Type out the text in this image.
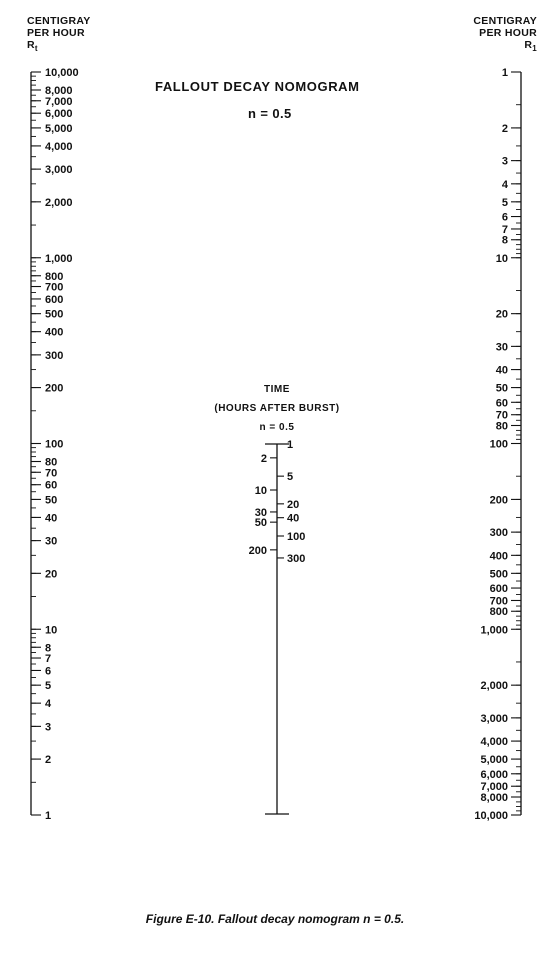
10,000
8,000
7,000
6,000
5,000
4,000
3,000
2,000
1,000
800
700
600
500
400
300
200
100
80
70
60
50
40
30
20
10
8
7
6
5
4
3
2
1
1
2
3
4
5
6
7
8
10
20
30
40
50
60
70
80
100
200
300
400
500
600
700
800
1,000
2,000
3,000
4,000
5,000
6,000
7,000
8,000
10,000
1
5
20
40
100
300
2
10
30
50
200
CENTIGRAY
PER HOUR
$R_t$
CENTIGRAY
PER HOUR
$R_1$
FALLOUT DECAY NOMOGRAM
n = 0.5
TIME
(HOURS AFTER BURST)
n = 0.5
Figure E-10. Fallout decay nomogram n = 0.5.
